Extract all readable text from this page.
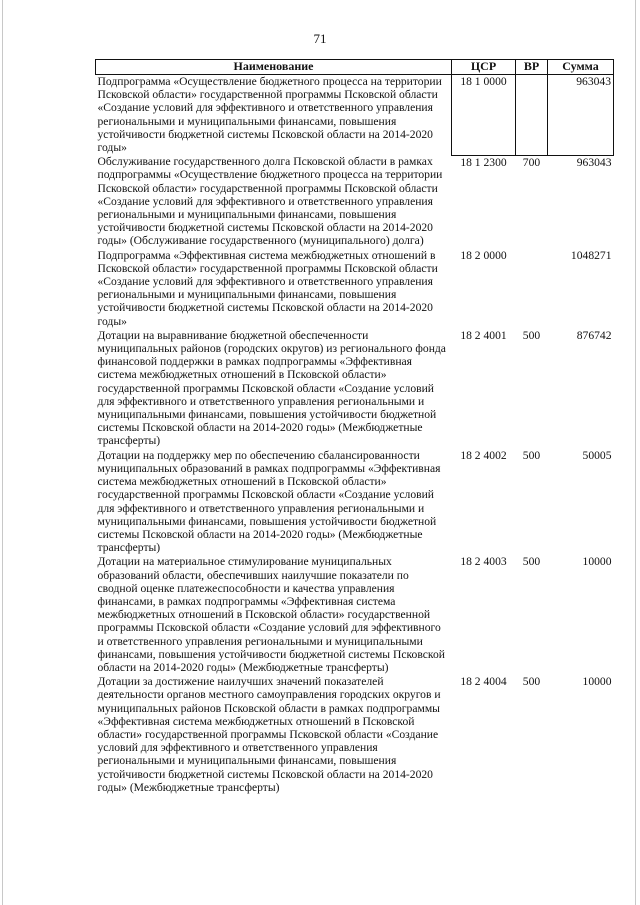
71
Наименование	ЦСР	ВР	Сумма
Подпрограмма «Осуществление бюджетного процесса на территории Псковской области» государственной программы Псковской области «Создание условий для эффективного и ответственного управления региональными и муниципальными финансами, повышения устойчивости бюджетной системы Псковской области на 2014-2020 годы»	18 1 0000		963043
Обслуживание государственного долга Псковской области в рамках подпрограммы «Осуществление бюджетного процесса на территории Псковской области» государственной программы Псковской области «Создание условий для эффективного и ответственного управления региональными и муниципальными финансами, повышения устойчивости бюджетной системы Псковской области на 2014-2020 годы» (Обслуживание государственного (муниципального) долга)	18 1 2300	700	963043
Подпрограмма «Эффективная система межбюджетных отношений в Псковской области» государственной программы Псковской области «Создание условий для эффективного и ответственного управления региональными и муниципальными финансами, повышения устойчивости бюджетной системы Псковской области на 2014-2020 годы»	18 2 0000		1048271
Дотации на выравнивание бюджетной обеспеченности муниципальных районов (городских округов) из регионального фонда финансовой поддержки в рамках подпрограммы «Эффективная система межбюджетных отношений в Псковской области» государственной программы Псковской области «Создание условий для эффективного и ответственного управления региональными и муниципальными финансами, повышения устойчивости бюджетной системы Псковской области на 2014-2020 годы» (Межбюджетные трансферты)	18 2 4001	500	876742
Дотации на поддержку мер по обеспечению сбалансированности муниципальных образований в рамках подпрограммы «Эффективная система межбюджетных отношений в Псковской области» государственной программы Псковской области «Создание условий для эффективного и ответственного управления региональными и муниципальными финансами, повышения устойчивости бюджетной системы Псковской области на 2014-2020 годы» (Межбюджетные трансферты)	18 2 4002	500	50005
Дотации на материальное стимулирование муниципальных образований области, обеспечивших наилучшие показатели по сводной оценке платежеспособности и качества управления финансами, в рамках подпрограммы «Эффективная система межбюджетных отношений в Псковской области» государственной программы Псковской области «Создание условий для эффективного и ответственного управления региональными и муниципальными финансами, повышения устойчивости бюджетной системы Псковской области на 2014-2020 годы» (Межбюджетные трансферты)	18 2 4003	500	10000
Дотации за достижение наилучших значений показателей деятельности органов местного самоуправления городских округов и муниципальных районов Псковской области в рамках подпрограммы «Эффективная система межбюджетных отношений в Псковской области» государственной программы Псковской области «Создание условий для эффективного и ответственного управления региональными и муниципальными финансами, повышения устойчивости бюджетной системы Псковской области на 2014-2020 годы» (Межбюджетные трансферты)	18 2 4004	500	10000
